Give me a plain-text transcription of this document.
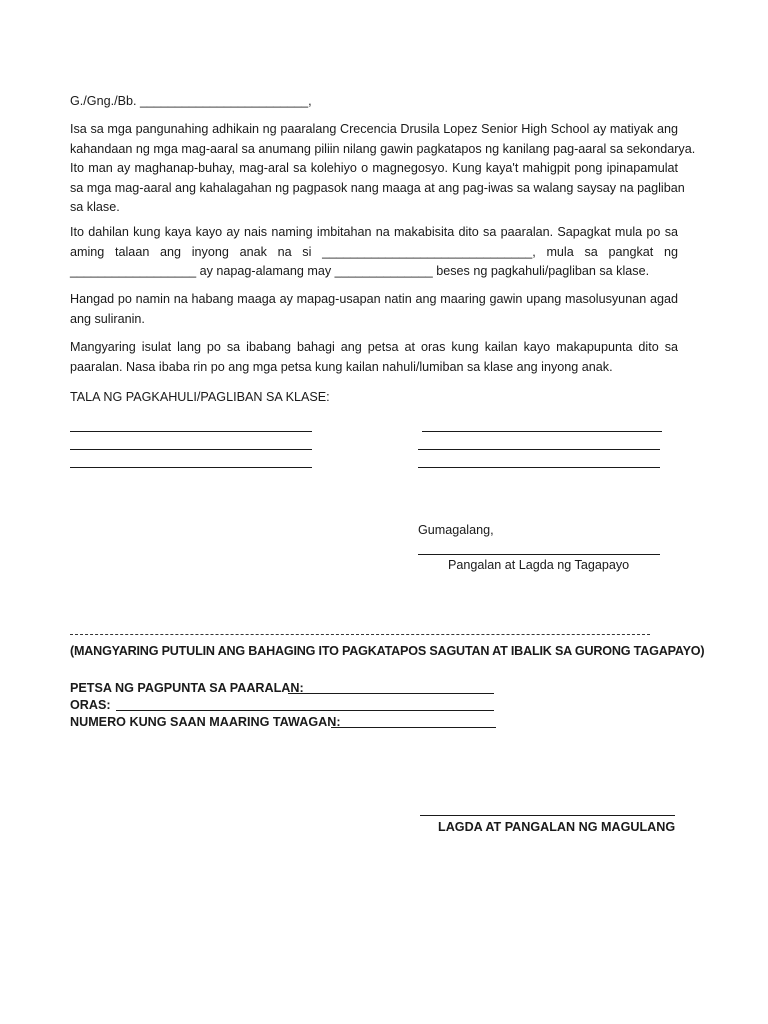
G./Gng./Bb. ________________________,
Isa sa mga pangunahing adhikain ng paaralang Crecencia Drusila Lopez Senior High School ay matiyak ang
kahandaan ng mga mag-aaral sa anumang piliin nilang gawin pagkatapos ng kanilang pag-aaral sa sekondarya.
Ito man ay maghanap-buhay, mag-aral sa kolehiyo o magnegosyo. Kung kaya't mahigpit pong ipinapamulat
sa mga mag-aaral ang kahalagahan ng pagpasok nang maaga at ang pag-iwas sa walang saysay na pagliban
sa klase.
Ito dahilan kung kaya kayo ay nais naming imbitahan na makabisita dito sa paaralan. Sapagkat mula po sa
aming talaan ang inyong anak na si ______________________________, mula sa pangkat ng
__________________ ay napag-alamang may ______________ beses ng pagkahuli/pagliban sa klase.
Hangad po namin na habang maaga ay mapag-usapan natin ang maaring gawin upang masolusyunan agad
ang suliranin.
Mangyaring isulat lang po sa ibabang bahagi ang petsa at oras kung kailan kayo makapupunta dito sa
paaralan. Nasa ibaba rin po ang mga petsa kung kailan nahuli/lumiban sa klase ang inyong anak.
TALA NG PAGKAHULI/PAGLIBAN SA KLASE:
Gumagalang,
Pangalan at Lagda ng Tagapayo
(MANGYARING PUTULIN ANG BAHAGING ITO PAGKATAPOS SAGUTAN AT IBALIK SA GURONG TAGAPAYO)
PETSA NG PAGPUNTA SA PAARALAN:
ORAS:
NUMERO KUNG SAAN MAARING TAWAGAN:
LAGDA AT PANGALAN NG MAGULANG
